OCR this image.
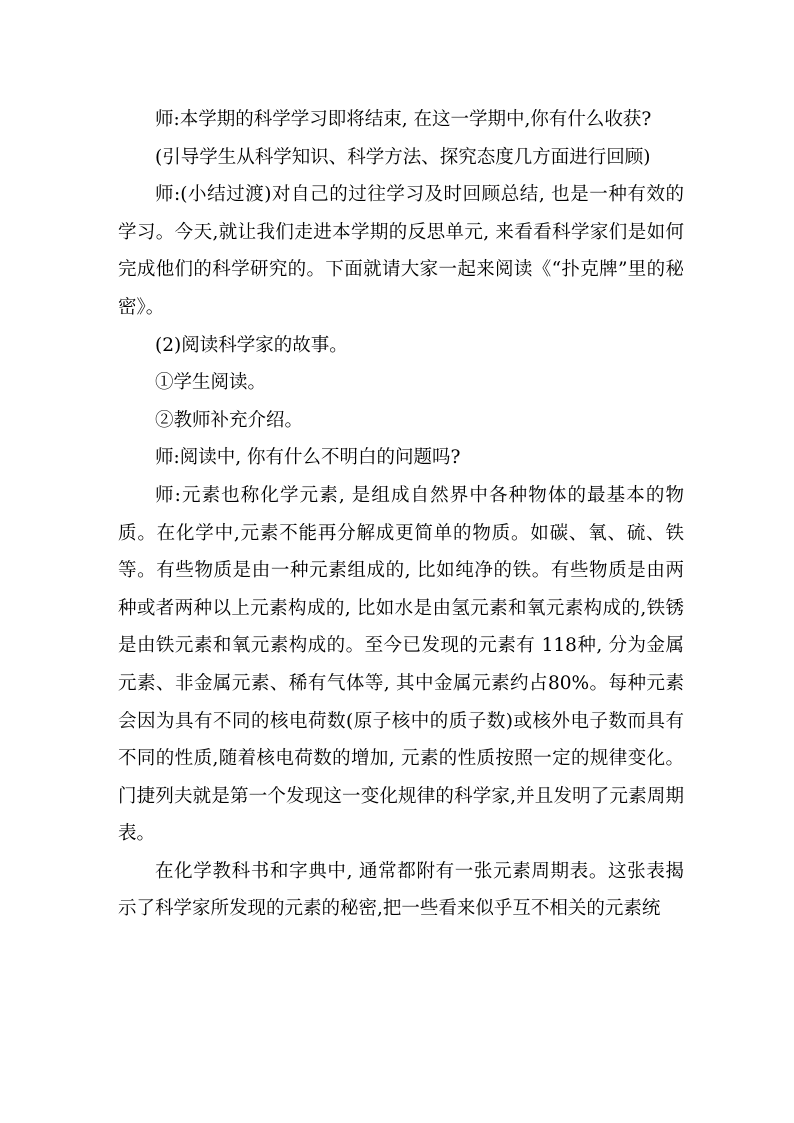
师:本学期的科学学习即将结束, 在这一学期中,你有什么收获?

(引导学生从科学知识、科学方法、探究态度几方面进行回顾)

师:(小结过渡)对自己的过往学习及时回顾总结, 也是一种有效的学习。今天,就让我们走进本学期的反思单元, 来看看科学家们是如何完成他们的科学研究的。下面就请大家一起来阅读《“扑克牌”里的秘密》。

(2)阅读科学家的故事。

①学生阅读。

②教师补充介绍。

师:阅读中, 你有什么不明白的问题吗?

师:元素也称化学元素, 是组成自然界中各种物体的最基本的物质。在化学中,元素不能再分解成更简单的物质。如碳、氧、硫、铁等。有些物质是由一种元素组成的, 比如纯净的铁。有些物质是由两种或者两种以上元素构成的, 比如水是由氢元素和氧元素构成的,铁锈是由铁元素和氧元素构成的。至今已发现的元素有 118种, 分为金属元素、非金属元素、稀有气体等, 其中金属元素约占80%。每种元素会因为具有不同的核电荷数(原子核中的质子数)或核外电子数而具有不同的性质,随着核电荷数的增加, 元素的性质按照一定的规律变化。门捷列夫就是第一个发现这一变化规律的科学家,并且发明了元素周期表。

在化学教科书和字典中, 通常都附有一张元素周期表。这张表揭示了科学家所发现的元素的秘密,把一些看来似乎互不相关的元素统
